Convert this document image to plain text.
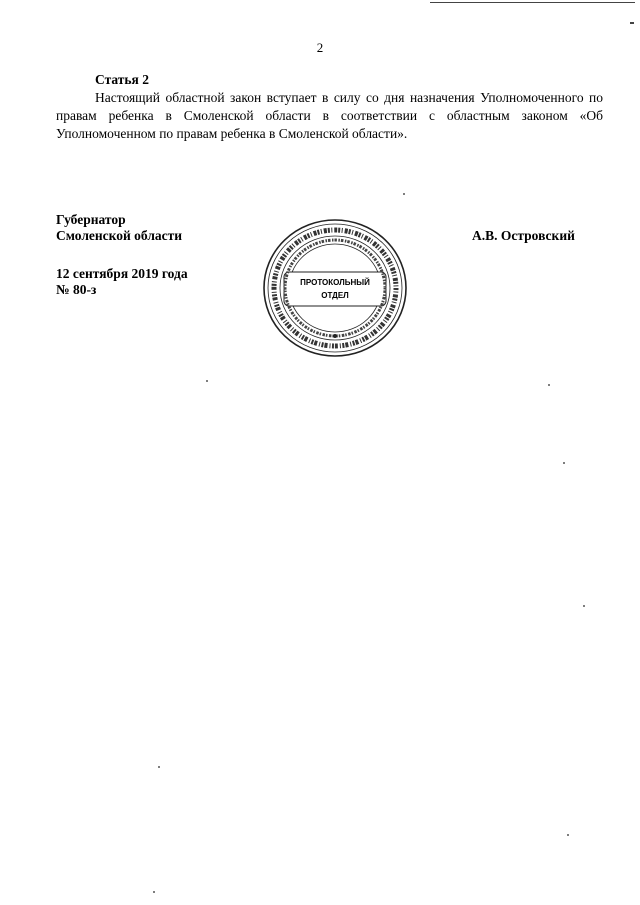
2
Статья 2

Настоящий областной закон вступает в силу со дня назначения Уполномоченного по правам ребенка в Смоленской области в соответствии с областным законом «Об Уполномоченном по правам ребенка в Смоленской области».

Губернатор
Смоленской области
12 сентября 2019 года
№ 80-з
А.В. Островский
ПРОТОКОЛЬНЫЙ
ОТДЕЛ
